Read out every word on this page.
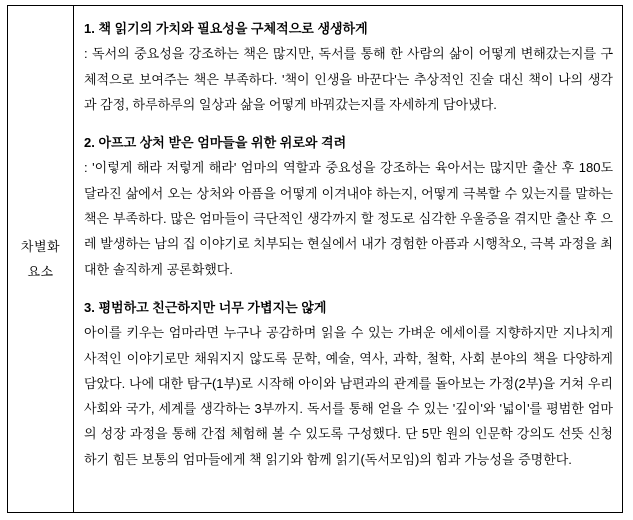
차별화
요소

1. 책 읽기의 가치와 필요성을 구체적으로 생생하게

: 독서의 중요성을 강조하는 책은 많지만, 독서를 통해 한 사람의 삶이 어떻게 변해갔는지를 구체적으로 보여주는 책은 부족하다. '책이 인생을 바꾼다'는 추상적인 진술 대신 책이 나의 생각과 감정, 하루하루의 일상과 삶을 어떻게 바꿔갔는지를 자세하게 담아냈다.

2. 아프고 상처 받은 엄마들을 위한 위로와 격려

: '이렇게 해라 저렇게 해라' 엄마의 역할과 중요성을 강조하는 육아서는 많지만 출산 후 180도 달라진 삶에서 오는 상처와 아픔을 어떻게 이겨내야 하는지, 어떻게 극복할 수 있는지를 말하는 책은 부족하다. 많은 엄마들이 극단적인 생각까지 할 정도로 심각한 우울증을 겪지만 출산 후 으레 발생하는 남의 집 이야기로 치부되는 현실에서 내가 경험한 아픔과 시행착오, 극복 과정을 최대한 솔직하게 공론화했다.

3. 평범하고 친근하지만 너무 가볍지는 않게

아이를 키우는 엄마라면 누구나 공감하며 읽을 수 있는 가벼운 에세이를 지향하지만 지나치게 사적인 이야기로만 채워지지 않도록 문학, 예술, 역사, 과학, 철학, 사회 분야의 책을 다양하게 담았다. 나에 대한 탐구(1부)로 시작해 아이와 남편과의 관계를 돌아보는 가정(2부)을 거쳐 우리 사회와 국가, 세계를 생각하는 3부까지. 독서를 통해 얻을 수 있는 '깊이'와 '넓이'를 평범한 엄마의 성장 과정을 통해 간접 체험해 볼 수 있도록 구성했다. 단 5만 원의 인문학 강의도 선뜻 신청하기 힘든 보통의 엄마들에게 책 읽기와 함께 읽기(독서모임)의 힘과 가능성을 증명한다.
